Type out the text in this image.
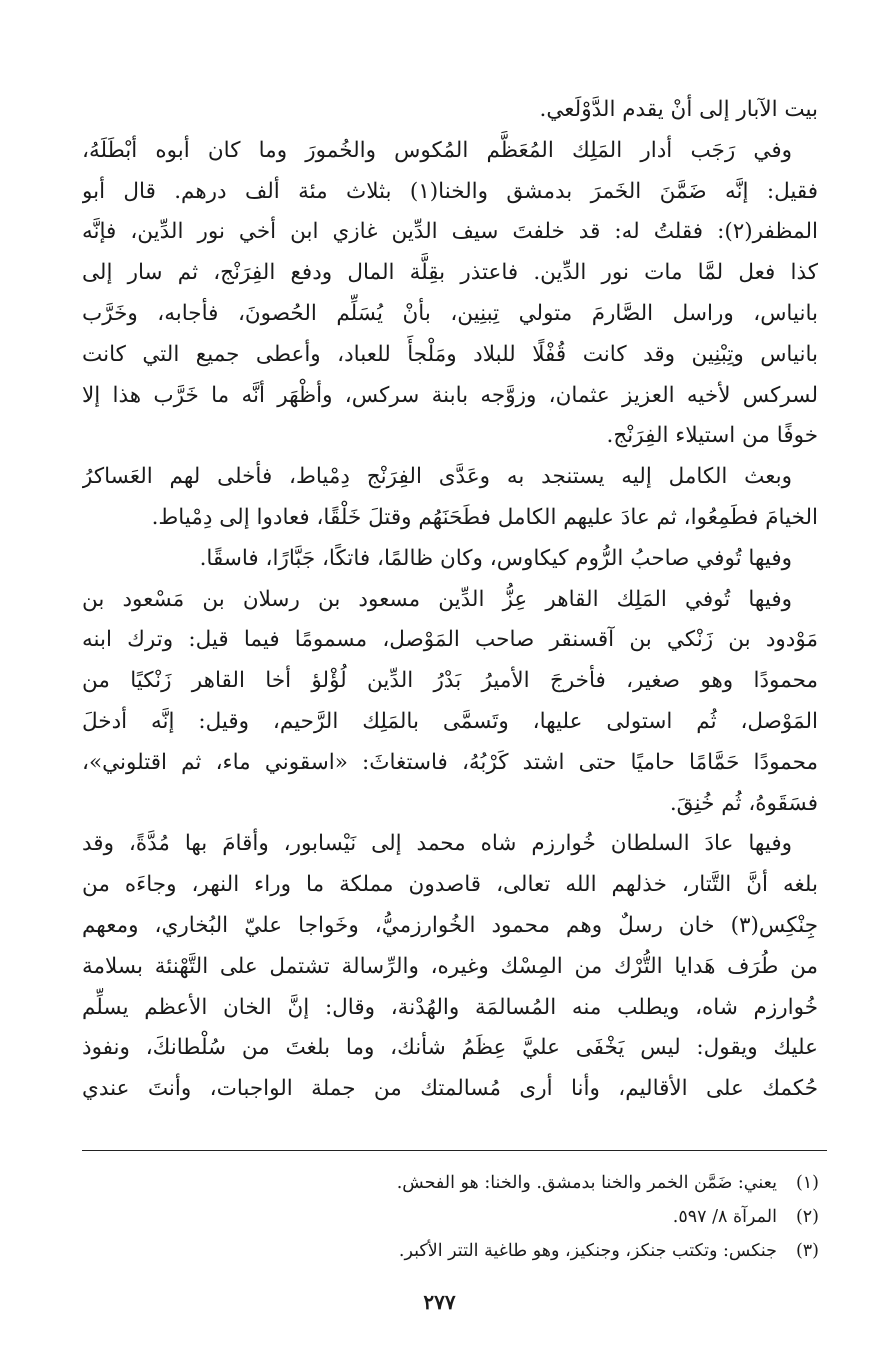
بيت الآبار إلى أنْ يقدم الدَّوْلَعي.
وفي رَجَب أدار المَلِك المُعَظَّم المُكوس والخُمورَ وما كان أبوه أبْطَلَهُ،
فقيل: إنَّه ضَمَّنَ الخَمرَ بدمشق والخنا(١) بثلاث مئة ألف درهم. قال أبو
المظفر(٢): فقلتُ له: قد خلفتَ سيف الدِّين غازي ابن أخي نور الدِّين، فإنَّه
كذا فعل لمَّا مات نور الدِّين. فاعتذر بقِلَّة المال ودفع الفِرَنْج، ثم سار إلى
بانياس، وراسل الصَّارمَ متولي تِبنِين، بأنْ يُسَلِّم الحُصونَ، فأجابه، وخَرَّب
بانياس وتِبْنِين وقد كانت قُفْلًا للبلاد ومَلْجأً للعباد، وأعطى جميع التي كانت
لسركس لأخيه العزيز عثمان، وزوَّجه بابنة سركس، وأظْهَر أنَّه ما خَرَّب هذا إلا
خوفًا من استيلاء الفِرَنْج.
وبعث الكامل إليه يستنجد به وعَدَّى الفِرَنْج دِمْياط، فأخلى لهم العَساكرُ
الخيامَ فطَمِعُوا، ثم عادَ عليهم الكامل فطَحَنَهُم وقتلَ خَلْقًا، فعادوا إلى دِمْياط.
وفيها تُوفي صاحبُ الرُّوم كيكاوس، وكان ظالمًا، فاتكًا، جَبَّارًا، فاسقًا.
وفيها تُوفي المَلِك القاهر عِزُّ الدِّين مسعود بن رسلان بن مَسْعود بن
مَوْدود بن زَنْكي بن آقسنقر صاحب المَوْصل، مسمومًا فيما قيل: وترك ابنه
محمودًا وهو صغير، فأخرجَ الأميرُ بَدْرُ الدِّين لُؤْلؤ أخا القاهر زَنْكيًا من
المَوْصل، ثُم استولى عليها، وتَسمَّى بالمَلِك الرَّحيم، وقيل: إنَّه أدخلَ
محمودًا حَمَّامًا حاميًا حتى اشتد كَرْبُهُ، فاستغاثَ: «اسقوني ماء، ثم اقتلوني»،
فسَقَوهُ، ثُم خُنِقَ.
وفيها عادَ السلطان خُوارزم شاه محمد إلى نَيْسابور، وأقامَ بها مُدَّةً، وقد
بلغه أنَّ التَّتار، خذلهم الله تعالى، قاصدون مملكة ما وراء النهر، وجاءَه من
جِنْكِس(٣) خان رسلٌ وهم محمود الخُوارزميُّ، وخَواجا عليّ البُخاري، ومعهم
من طُرَف هَدايا التُّرْك من المِسْك وغيره، والرِّسالة تشتمل على التَّهْنئة بسلامة
خُوارزم شاه، ويطلب منه المُسالمَة والهُدْنة، وقال: إنَّ الخان الأعظم يسلِّم
عليك ويقول: ليس يَخْفَى عليَّ عِظَمُ شأنك، وما بلغتَ من سُلْطانكَ، ونفوذ
حُكمك على الأقاليم، وأنا أرى مُسالمتك من جملة الواجبات، وأنتَ عندي
(١)يعني: ضَمَّن الخمر والخنا بدمشق. والخنا: هو الفحش.
(٢)المرآة ٨/ ٥٩٧.
(٣)جنكس: وتكتب جنكز، وجنكيز، وهو طاغية التتر الأكبر.
٢٧٧
